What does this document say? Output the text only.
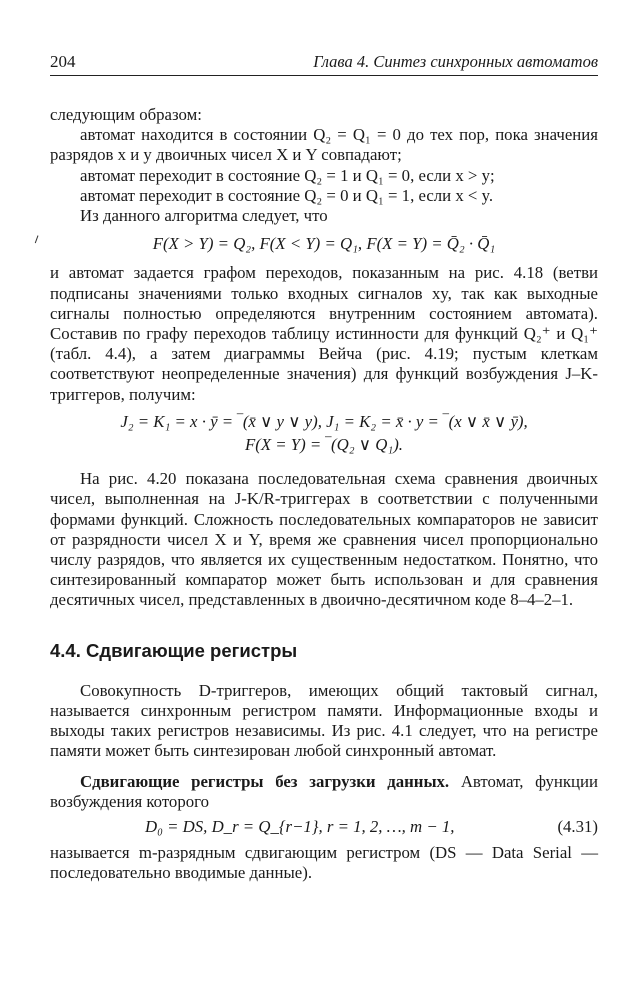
204	Глава 4. Синтез синхронных автоматов

следующим образом:

автомат находится в состоянии Q₂ = Q₁ = 0 до тех пор, пока значения разрядов x и y двоичных чисел X и Y совпадают;

автомат переходит в состояние Q₂ = 1 и Q₁ = 0, если x > y;

автомат переходит в состояние Q₂ = 0 и Q₁ = 1, если x < y.

Из данного алгоритма следует, что

F(X > Y) = Q₂, F(X < Y) = Q₁, F(X = Y) = Q̄₂ · Q̄₁

и автомат задается графом переходов, показанным на рис. 4.18 (ветви подписаны значениями только входных сигналов xy, так как выходные сигналы полностью определяются внутренним состоянием автомата). Составив по графу переходов таблицу истинности для функций Q₂⁺ и Q₁⁺ (табл. 4.4), а затем диаграммы Вейча (рис. 4.19; пустым клеткам соответствуют неопределенные значения) для функций возбуждения J–K-триггеров, получим:

J₂ = K₁ = x · ȳ = ‾(x̄ ∨ y ∨ y), J₁ = K₂ = x̄ · y = ‾(x ∨ x̄ ∨ ȳ),
F(X = Y) = ‾(Q₂ ∨ Q₁).

На рис. 4.20 показана последовательная схема сравнения двоичных чисел, выполненная на J-K/R-триггерах в соответствии с полученными формами функций. Сложность последовательных компараторов не зависит от разрядности чисел X и Y, время же сравнения чисел пропорционально числу разрядов, что является их существенным недостатком. Понятно, что синтезированный компаратор может быть использован и для сравнения десятичных чисел, представленных в двоично-десятичном коде 8–4–2–1.

4.4. Сдвигающие регистры

Совокупность D-триггеров, имеющих общий тактовый сигнал, называется синхронным регистром памяти. Информационные входы и выходы таких регистров независимы. Из рис. 4.1 следует, что на регистре памяти может быть синтезирован любой синхронный автомат.

Сдвигающие регистры без загрузки данных. Автомат, функции возбуждения которого

D₀ = DS, D_r = Q_{r−1}, r = 1, 2, …, m − 1,	(4.31)

называется m-разрядным сдвигающим регистром (DS — Data Serial — последовательно вводимые данные).
